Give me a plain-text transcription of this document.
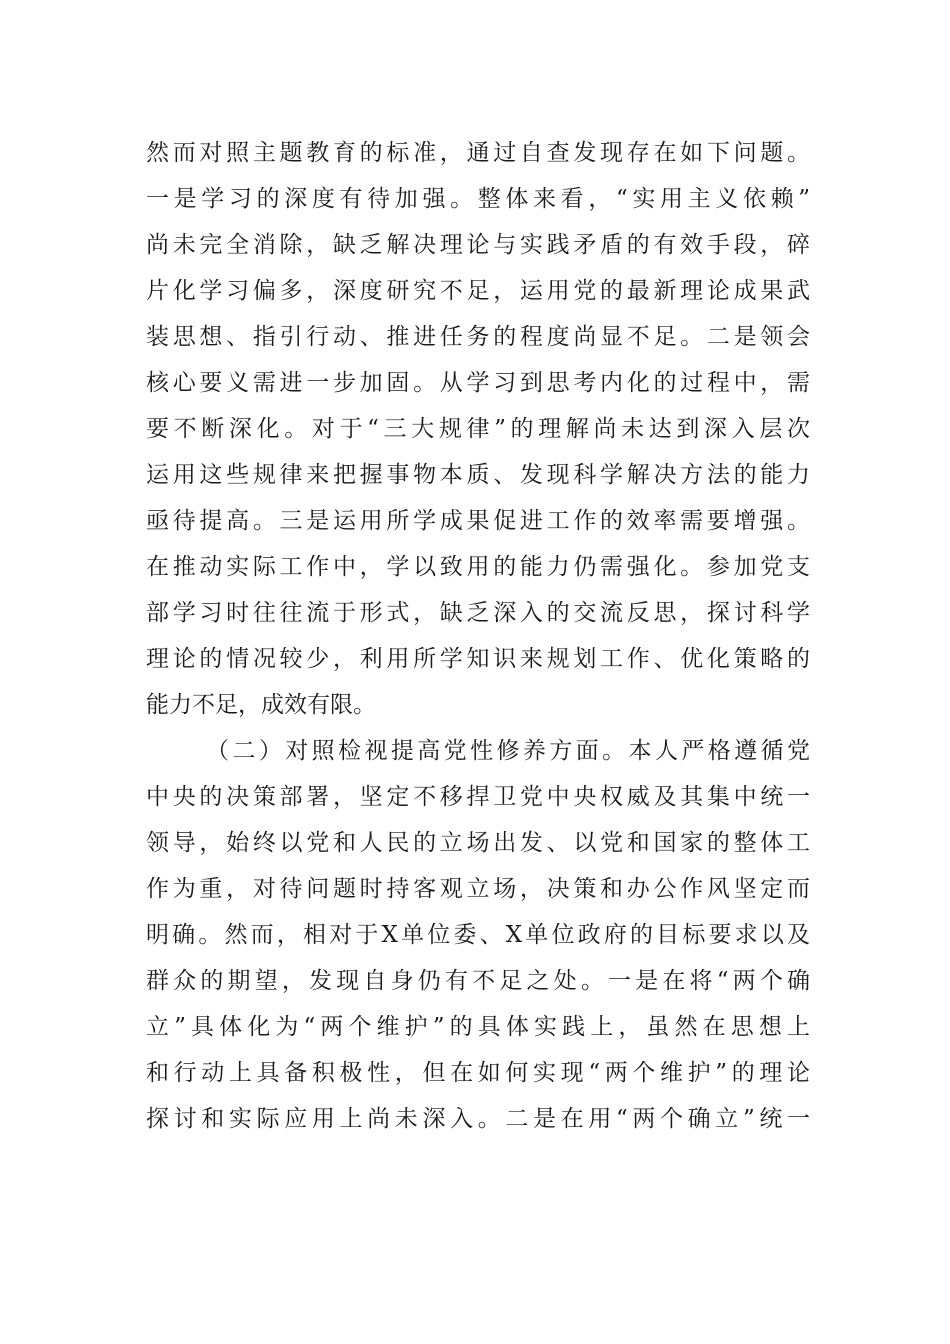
然而对照主题教育的标准，通过自查发现存在如下问题。
一是学习的深度有待加强。整体来看，“实用主义依赖”
尚未完全消除，缺乏解决理论与实践矛盾的有效手段，碎
片化学习偏多，深度研究不足，运用党的最新理论成果武
装思想、指引行动、推进任务的程度尚显不足。二是领会
核心要义需进一步加固。从学习到思考内化的过程中，需
要不断深化。对于“三大规律”的理解尚未达到深入层次
运用这些规律来把握事物本质、发现科学解决方法的能力
亟待提高。三是运用所学成果促进工作的效率需要增强。
在推动实际工作中，学以致用的能力仍需强化。参加党支
部学习时往往流于形式，缺乏深入的交流反思，探讨科学
理论的情况较少，利用所学知识来规划工作、优化策略的
能力不足，成效有限。
（二）对照检视提高党性修养方面。本人严格遵循党
中央的决策部署，坚定不移捍卫党中央权威及其集中统一
领导，始终以党和人民的立场出发、以党和国家的整体工
作为重，对待问题时持客观立场，决策和办公作风坚定而
明确。然而，相对于X单位委、X单位政府的目标要求以及
群众的期望，发现自身仍有不足之处。一是在将“两个确
立”具体化为“两个维护”的具体实践上，虽然在思想上
和行动上具备积极性，但在如何实现“两个维护”的理论
探讨和实际应用上尚未深入。二是在用“两个确立”统一
